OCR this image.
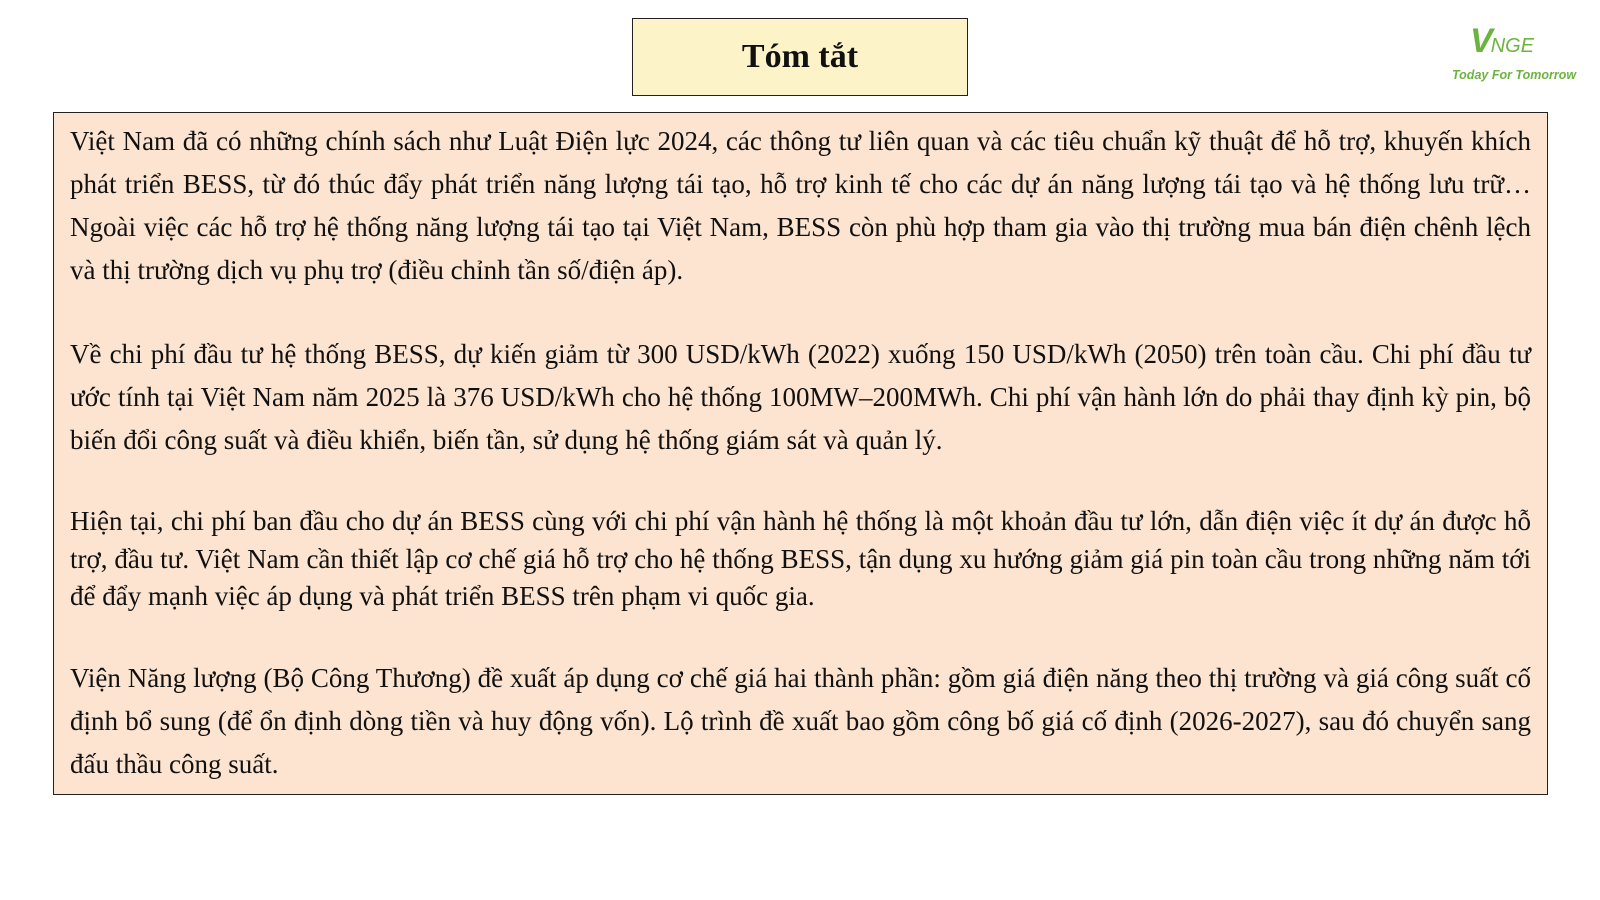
Tóm tắt	VNGE
Today For Tomorrow

Việt Nam đã có những chính sách như Luật Điện lực 2024, các thông tư liên quan và các tiêu chuẩn kỹ thuật để hỗ trợ, khuyến khích phát triển BESS, từ đó thúc đẩy phát triển năng lượng tái tạo, hỗ trợ kinh tế cho các dự án năng lượng tái tạo và hệ thống lưu trữ… Ngoài việc các hỗ trợ hệ thống năng lượng tái tạo tại Việt Nam, BESS còn phù hợp tham gia vào thị trường mua bán điện chênh lệch và thị trường dịch vụ phụ trợ (điều chỉnh tần số/điện áp).

Về chi phí đầu tư hệ thống BESS, dự kiến giảm từ 300 USD/kWh (2022) xuống 150 USD/kWh (2050) trên toàn cầu. Chi phí đầu tư ước tính tại Việt Nam năm 2025 là 376 USD/kWh cho hệ thống 100MW–200MWh. Chi phí vận hành lớn do phải thay định kỳ pin, bộ biến đổi công suất và điều khiển, biến tần, sử dụng hệ thống giám sát và quản lý.

Hiện tại, chi phí ban đầu cho dự án BESS cùng với chi phí vận hành hệ thống là một khoản đầu tư lớn, dẫn điện việc ít dự án được hỗ trợ, đầu tư. Việt Nam cần thiết lập cơ chế giá hỗ trợ cho hệ thống BESS, tận dụng xu hướng giảm giá pin toàn cầu trong những năm tới để đẩy mạnh việc áp dụng và phát triển BESS trên phạm vi quốc gia.

Viện Năng lượng (Bộ Công Thương) đề xuất áp dụng cơ chế giá hai thành phần: gồm giá điện năng theo thị trường và giá công suất cố định bổ sung (để ổn định dòng tiền và huy động vốn). Lộ trình đề xuất bao gồm công bố giá cố định (2026-2027), sau đó chuyển sang đấu thầu công suất.
